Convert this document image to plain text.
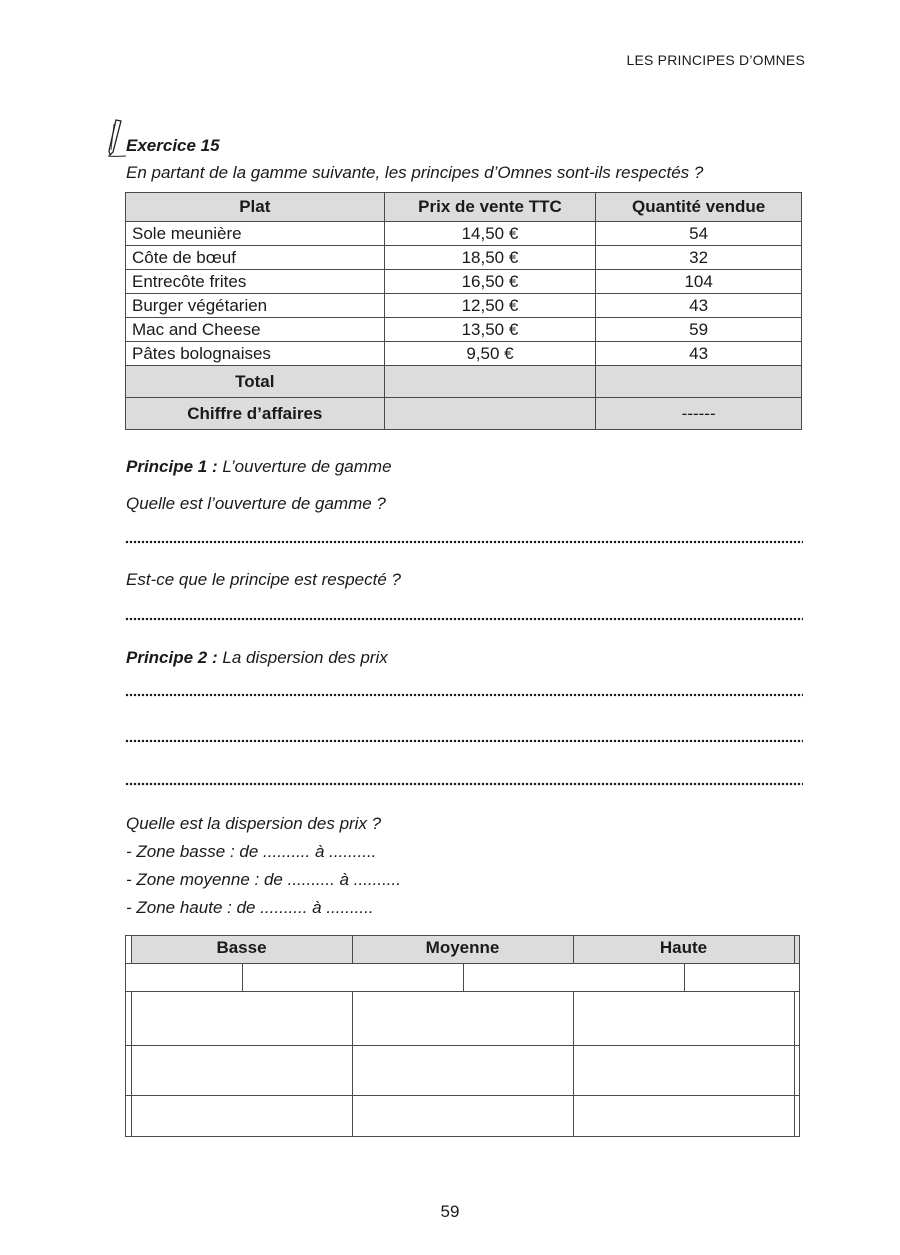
LES PRINCIPES D’OMNES
Exercice 15
En partant de la gamme suivante, les principes d’Omnes sont-ils respectés ?
Plat	Prix de vente TTC	Quantité vendue
Sole meunière	14,50 €	54
Côte de bœuf	18,50 €	32
Entrecôte frites	16,50 €	104
Burger végétarien	12,50 €	43
Mac and Cheese	13,50 €	59
Pâtes bolognaises	9,50 €	43
Total		
Chiffre d’affaires		------
Principe 1 : L’ouverture de gamme
Quelle est l’ouverture de gamme ?
Est-ce que le principe est respecté ?
Principe 2 : La dispersion des prix
Quelle est la dispersion des prix ?
- Zone basse : de .......... à ..........
- Zone moyenne : de .......... à ..........
- Zone haute : de .......... à ..........
Basse	Moyenne	Haute
59
